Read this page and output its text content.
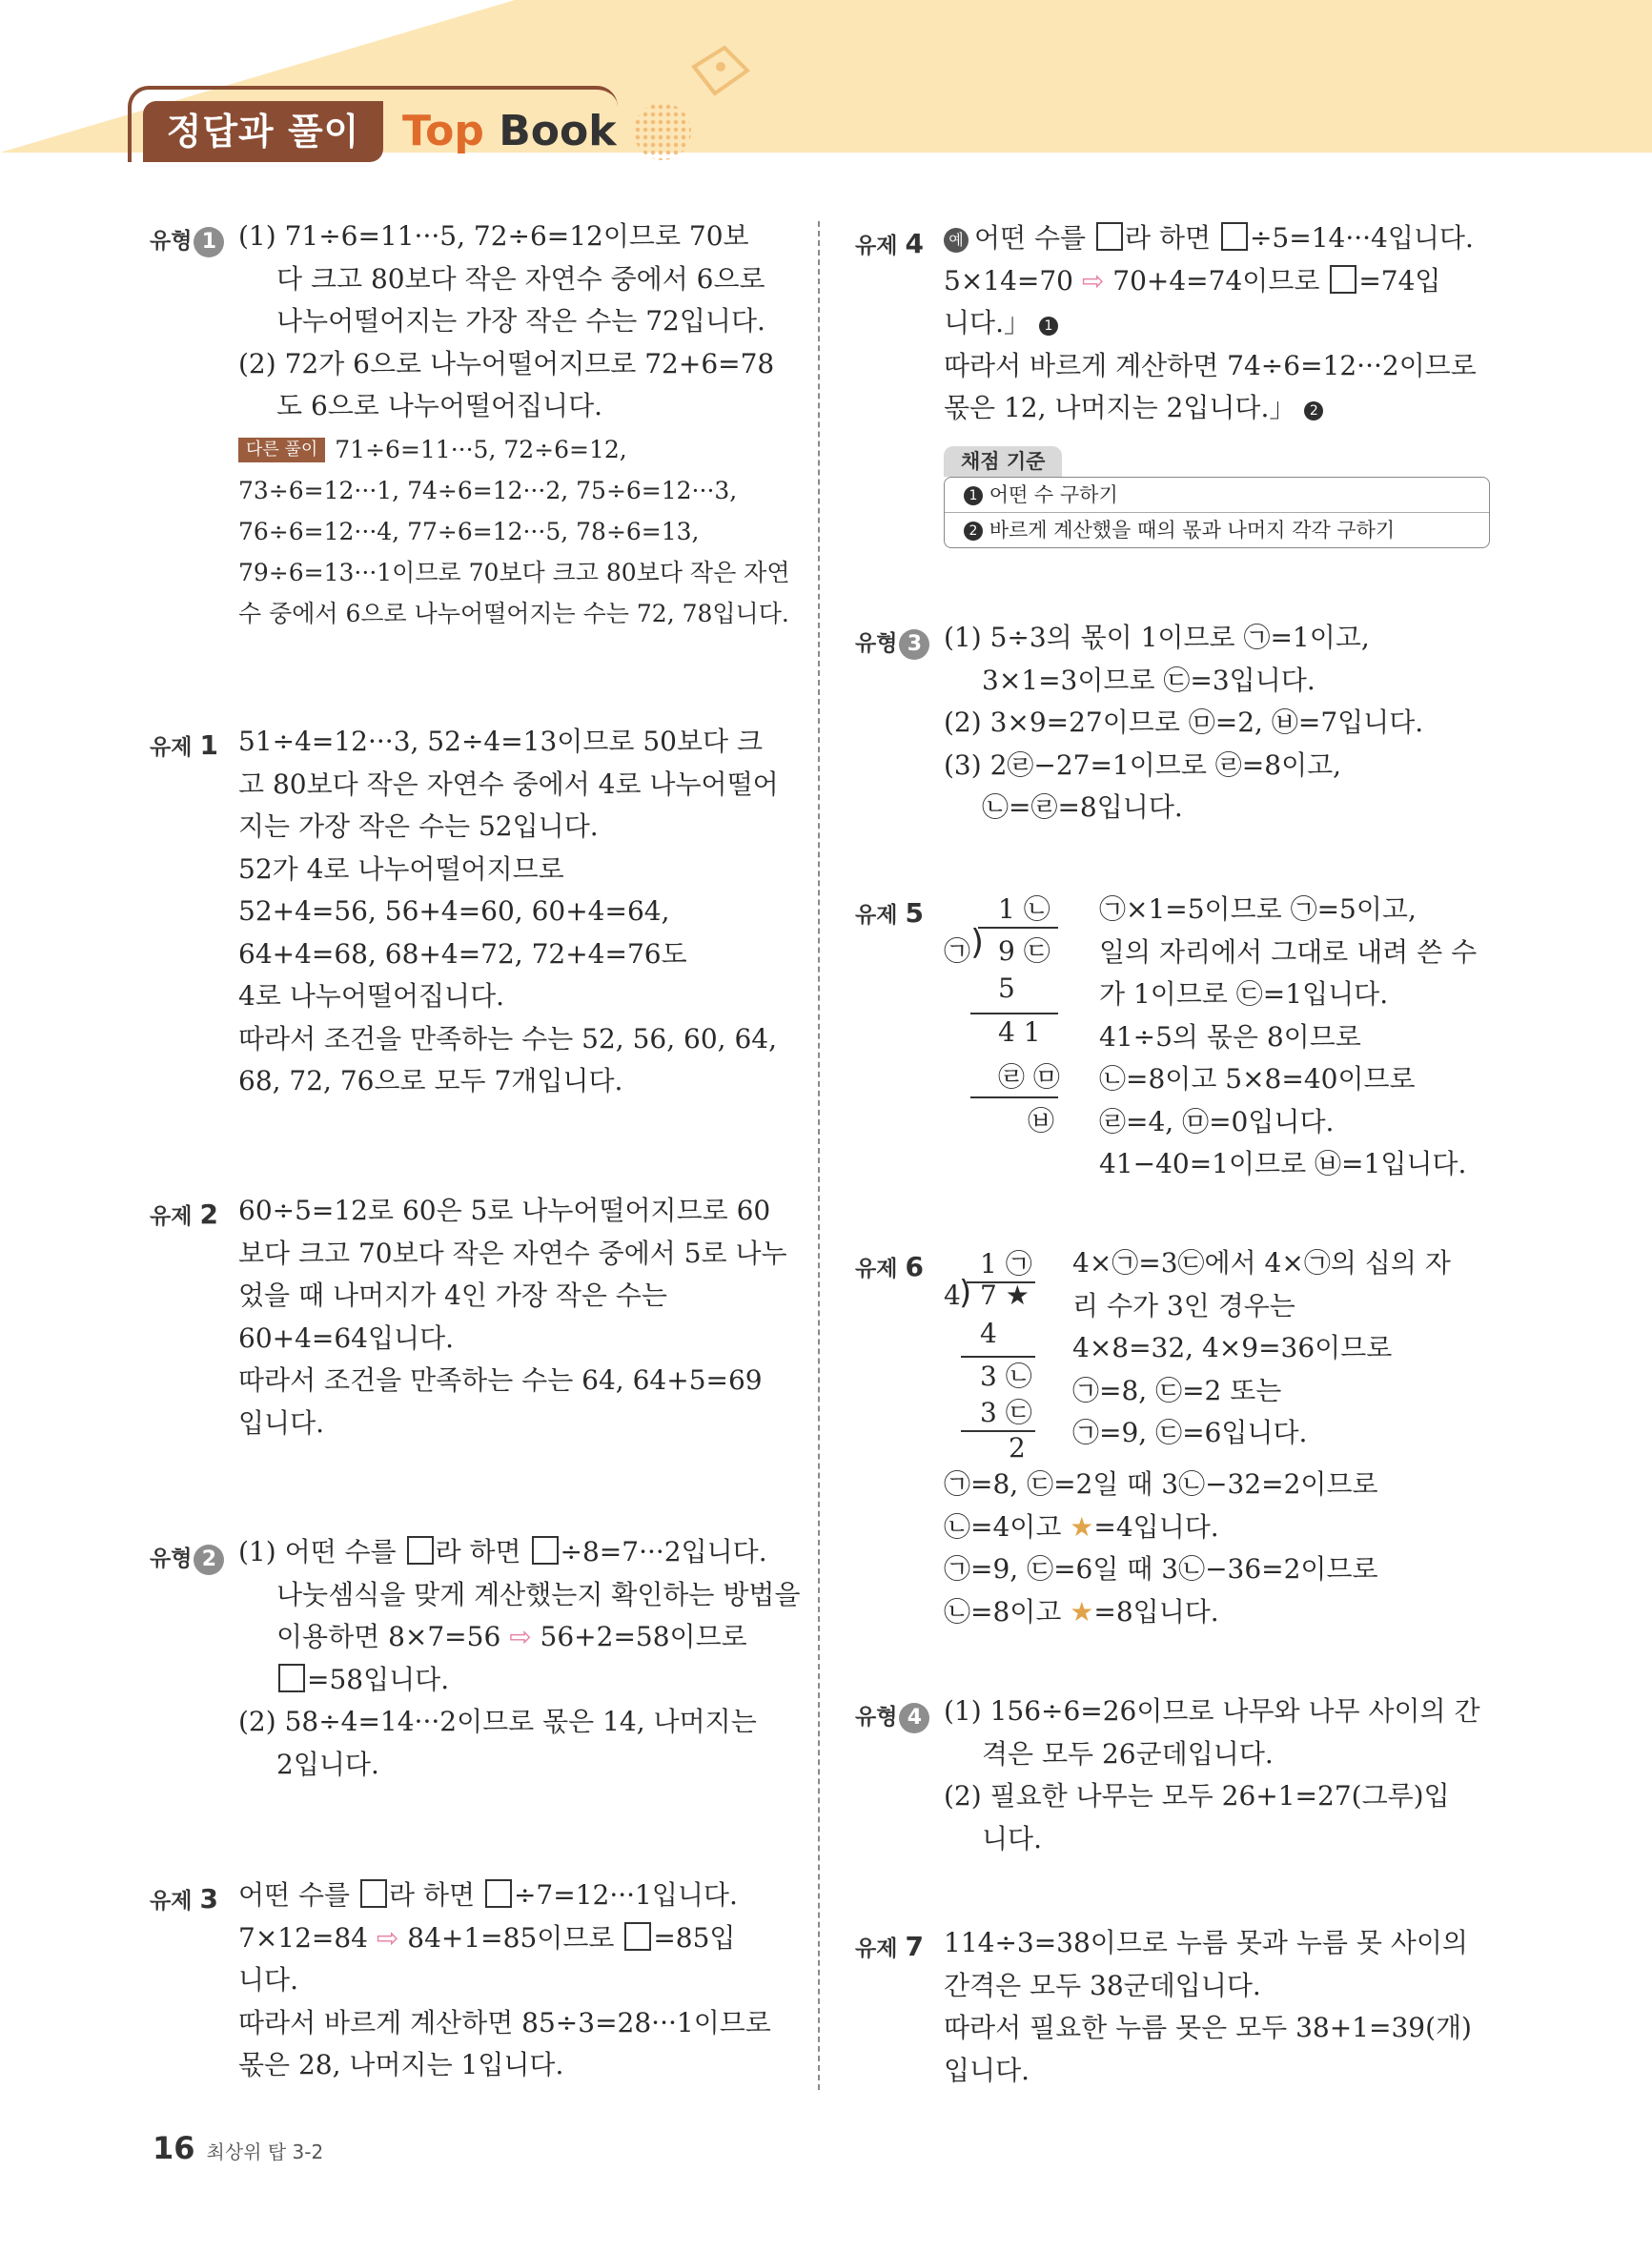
정답과 풀이	Top Book
유형 1 (1) 71÷6=11···5, 72÷6=12이므로 70보
다 크고 80보다 작은 자연수 중에서 6으로
나누어떨어지는 가장 작은 수는 72입니다.
(2) 72가 6으로 나누어떨어지므로 72+6=78
도 6으로 나누어떨어집니다.
다른 풀이 71÷6=11···5, 72÷6=12,
73÷6=12···1, 74÷6=12···2, 75÷6=12···3,
76÷6=12···4, 77÷6=12···5, 78÷6=13,
79÷6=13···1이므로 70보다 크고 80보다 작은 자연
수 중에서 6으로 나누어떨어지는 수는 72, 78입니다.
유제 1 51÷4=12···3, 52÷4=13이므로 50보다 크
고 80보다 작은 자연수 중에서 4로 나누어떨어
지는 가장 작은 수는 52입니다.
52가 4로 나누어떨어지므로
52+4=56, 56+4=60, 60+4=64,
64+4=68, 68+4=72, 72+4=76도
4로 나누어떨어집니다.
따라서 조건을 만족하는 수는 52, 56, 60, 64,
68, 72, 76으로 모두 7개입니다.
유제 2 60÷5=12로 60은 5로 나누어떨어지므로 60
보다 크고 70보다 작은 자연수 중에서 5로 나누
었을 때 나머지가 4인 가장 작은 수는
60+4=64입니다.
따라서 조건을 만족하는 수는 64, 64+5=69
입니다.
유형 2 (1) 어떤 수를 라 하면 ÷8=7···2입니다.
나눗셈식을 맞게 계산했는지 확인하는 방법을
이용하면 8×7=56 ⇨ 56+2=58이므로
=58입니다.
(2) 58÷4=14···2이므로 몫은 14, 나머지는
2입니다.
유제 3 어떤 수를 라 하면 ÷7=12···1입니다.
7×12=84 ⇨ 84+1=85이므로 =85입
니다.
따라서 바르게 계산하면 85÷3=28···1이므로
몫은 28, 나머지는 1입니다.
유제 4	예 어떤 수를 라 하면 ÷5=14···4입니다.
5×14=70 ⇨ 70+4=74이므로 =74입
니다.」 1
따라서 바르게 계산하면 74÷6=12···2이므로
몫은 12, 나머지는 2입니다.」 2
채점 기준
1 어떤 수 구하기
2 바르게 계산했을 때의 몫과 나머지 각각 구하기
유형 3 (1) 5÷3의 몫이 1이므로 ㉠=1이고,
3×1=3이므로 ㉢=3입니다.
(2) 3×9=27이므로 ㉤=2, ㉥=7입니다.
(3) 2㉣−27=1이므로 ㉣=8이고,
㉡=㉣=8입니다.
유제 5	1 ㉡
㉠ ) 9 ㉢
5
4 1
㉣ ㉤
㉥
㉠×1=5이므로 ㉠=5이고,
일의 자리에서 그대로 내려 쓴 수
가 1이므로 ㉢=1입니다.
41÷5의 몫은 8이므로
㉡=8이고 5×8=40이므로
㉣=4, ㉤=0입니다.
41−40=1이므로 ㉥=1입니다.
유제 6 1 ㉠
4
) 7 ★
4
3 ㉡
3 ㉢
2
4×㉠=3㉢에서 4×㉠의 십의 자
리 수가 3인 경우는
4×8=32, 4×9=36이므로
㉠=8, ㉢=2 또는
㉠=9, ㉢=6입니다.
㉠=8, ㉢=2일 때 3㉡−32=2이므로
㉡=4이고 ★=4입니다.
㉠=9, ㉢=6일 때 3㉡−36=2이므로
㉡=8이고 ★=8입니다.
유형 4 (1) 156÷6=26이므로 나무와 나무 사이의 간
격은 모두 26군데입니다.
(2) 필요한 나무는 모두 26+1=27(그루)입
니다.
유제 7 114÷3=38이므로 누름 못과 누름 못 사이의
간격은 모두 38군데입니다.
따라서 필요한 누름 못은 모두 38+1=39(개)
입니다.
16 최상위 탑 3-2
